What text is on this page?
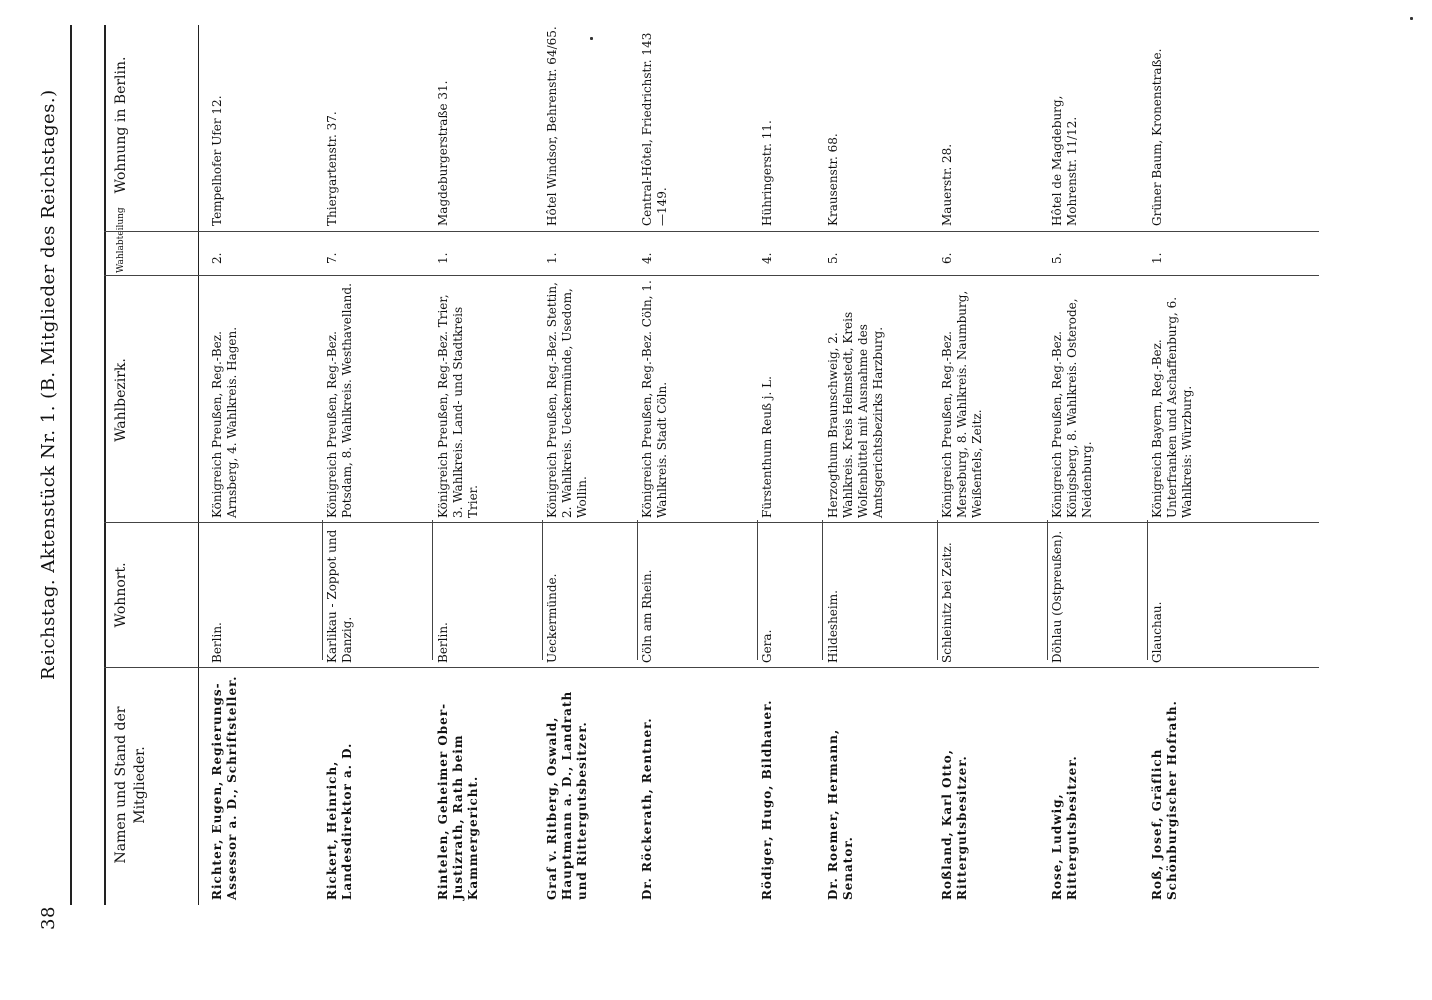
38
Reichstag. Aktenstück Nr. 1. (B. Mitglieder des Reichstages.)
Namen und Stand der Mitglieder.
Wohnort.
Wahlbezirk.
Wahlabteilung
Wohnung in Berlin.
Richter, Eugen, Regierungs-Assessor a. D., Schriftsteller.
Berlin.
Königreich Preußen, Reg.-Bez. Arnsberg, 4. Wahlkreis. Hagen.
2.
Tempelhofer Ufer 12.
Rickert, Heinrich, Landesdirektor a. D.
Karlikau - Zoppot und Danzig.
Königreich Preußen, Reg.-Bez. Potsdam, 8. Wahlkreis. Westhavelland.
7.
Thiergartenstr. 37.
Rintelen, Geheimer Ober-Justizrath, Rath beim Kammergericht.
Berlin.
Königreich Preußen, Reg.-Bez. Trier, 3. Wahlkreis. Land- und Stadtkreis Trier.
1.
Magdeburgerstraße 31.
Graf v. Ritberg, Oswald, Hauptmann a. D., Landrath und Rittergutsbesitzer.
Ueckermünde.
Königreich Preußen, Reg.-Bez. Stettin, 2. Wahlkreis. Ueckermünde, Usedom, Wollin.
1.
Hôtel Windsor, Behrenstr. 64/65.
Dr. Röckerath, Rentner.
Cöln am Rhein.
Königreich Preußen, Reg.-Bez. Cöln, 1. Wahlkreis. Stadt Cöln.
4.
Central-Hôtel, Friedrichstr. 143—149.
Rödiger, Hugo, Bildhauer.
Gera.
Fürstenthum Reuß j. L.
4.
Hühringerstr. 11.
Dr. Roemer, Hermann, Senator.
Hildesheim.
Herzogthum Braunschweig, 2. Wahlkreis. Kreis Helmstedt, Kreis Wolfenbüttel mit Ausnahme des Amtsgerichtsbezirks Harzburg.
5.
Krausenstr. 68.
Roßland, Karl Otto, Rittergutsbesitzer.
Schleinitz bei Zeitz.
Königreich Preußen, Reg.-Bez. Merseburg, 8. Wahlkreis. Naumburg, Weißenfels, Zeitz.
6.
Mauerstr. 28.
Rose, Ludwig, Rittergutsbesitzer.
Döhlau (Ostpreußen).
Königreich Preußen, Reg.-Bez. Königsberg, 8. Wahlkreis. Osterode, Neidenburg.
5.
Hôtel de Magdeburg, Mohrenstr. 11/12.
Roß, Josef, Gräflich Schönburgischer Hofrath.
Glauchau.
Königreich Bayern, Reg.-Bez. Unterfranken und Aschaffenburg, 6. Wahlkreis: Würzburg.
1.
Grüner Baum, Kronenstraße.
